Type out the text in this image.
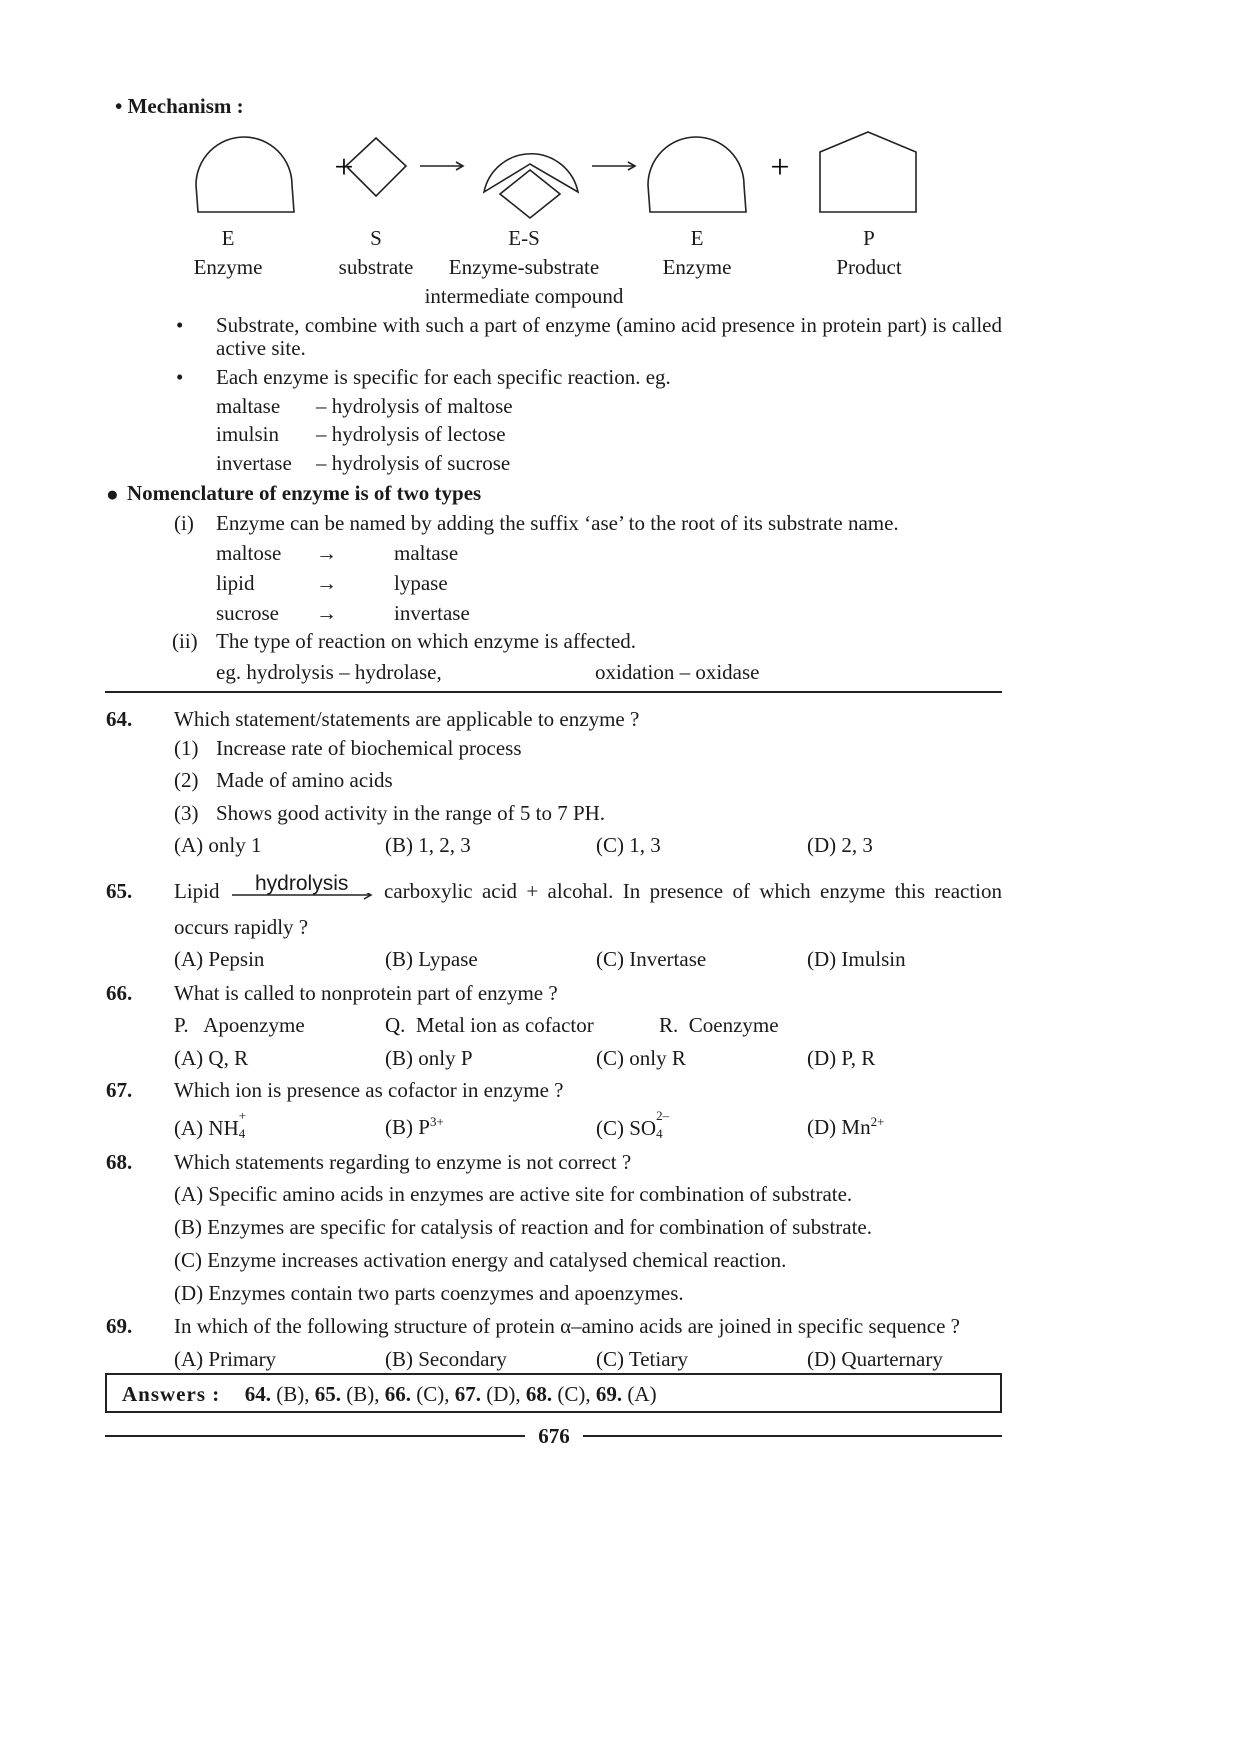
• Mechanism :
+	+
E
Enzyme
S
substrate
E-S
Enzyme-substrate
intermediate compound
E
Enzyme
P
Product
• Substrate, combine with such a part of enzyme (amino acid presence in protein part) is called
active site.
• Each enzyme is specific for each specific reaction. eg.
maltase – hydrolysis of maltose
imulsin – hydrolysis of lectose
invertase – hydrolysis of sucrose
● Nomenclature of enzyme is of two types
(i) Enzyme can be named by adding the suffix ‘ase’ to the root of its substrate name.
maltose →	maltase
lipid	→	lypase
sucrose →	invertase
(ii) The type of reaction on which enzyme is affected.
eg. hydrolysis – hydrolase,	oxidation – oxidase
64. Which statement/statements are applicable to enzyme ?
(1) Increase rate of biochemical process
(2) Made of amino acids
(3) Shows good activity in the range of 5 to 7 PH.
(A) only 1	(B) 1, 2, 3	(C) 1, 3	(D) 2, 3
65. Lipid hydrolysis carboxylic acid + alcohal. In presence of which enzyme this reaction
occurs rapidly ?
(A) Pepsin	(B) Lypase	(C) Invertase	(D) Imulsin
66. What is called to nonprotein part of enzyme ?
P.   Apoenzyme	Q.  Metal ion as cofactor	R.  Coenzyme
(A) Q, R	(B) only P	(C) only R	(D) P, R
67. Which ion is presence as cofactor in enzyme ?
(A) NH
+
4	(B) $P^{3+}$	(C) SO
2–
4	(D) $Mn^{2+}$
68. Which statements regarding to enzyme is not correct ?
(A) Specific amino acids in enzymes are active site for combination of substrate.
(B) Enzymes are specific for catalysis of reaction and for combination of substrate.
(C) Enzyme increases activation energy and catalysed chemical reaction.
(D) Enzymes contain two parts coenzymes and apoenzymes.
69. In which of the following structure of protein α–amino acids are joined in specific sequence ?
(A) Primary	(B) Secondary	(C) Tetiary	(D) Quarternary
Answers : 64. (B), 65. (B), 66. (C), 67. (D), 68. (C), 69. (A)
676
